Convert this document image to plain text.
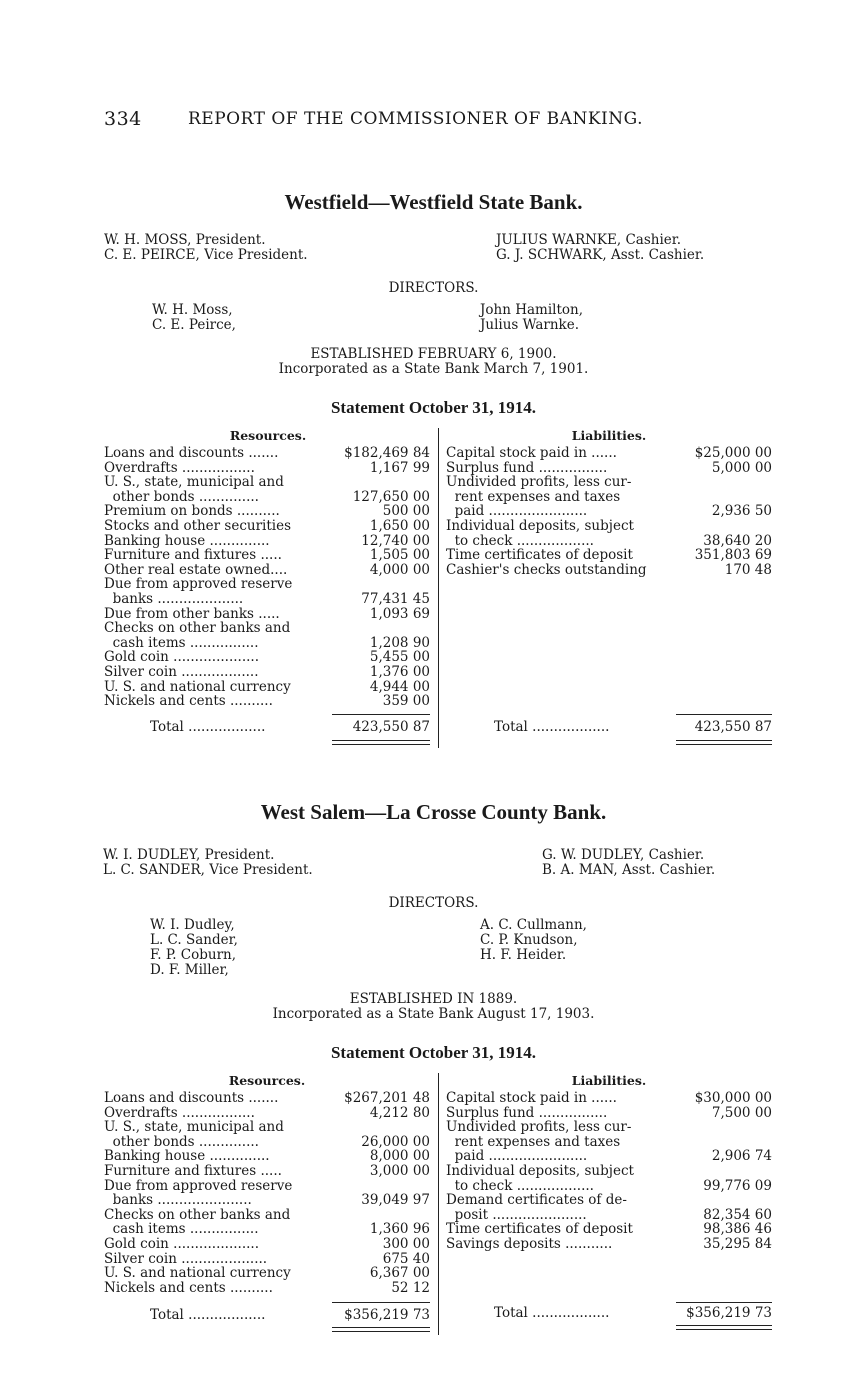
334	REPORT OF THE COMMISSIONER OF BANKING.
Westfield—Westfield State Bank.
W. H. MOSS, President.
C. E. PEIRCE, Vice President.
JULIUS WARNKE, Cashier.
G. J. SCHWARK, Asst. Cashier.
DIRECTORS.
W. H. Moss,
C. E. Peirce,
John Hamilton,
Julius Warnke.
ESTABLISHED FEBRUARY 6, 1900.
Incorporated as a State Bank March 7, 1901.
Statement October 31, 1914.
Resources.	Liabilities.
Loans and discounts .......	$182,469 84
Overdrafts .................	1,167 99
U. S., state, municipal and
other bonds ..............	127,650 00
Premium on bonds ..........	500 00
Stocks and other securities	1,650 00
Banking house ..............	12,740 00
Furniture and fixtures .....	1,505 00
Other real estate owned....	4,000 00
Due from approved reserve
banks ....................	77,431 45
Due from other banks .....	1,093 69
Checks on other banks and
cash items ................	1,208 90
Gold coin ....................	5,455 00
Silver coin ..................	1,376 00
U. S. and national currency	4,944 00
Nickels and cents ..........	359 00
Capital stock paid in ......	$25,000 00
Surplus fund ................	5,000 00
Undivided profits, less cur-
rent expenses and taxes
paid .......................	2,936 50
Individual deposits, subject
to check ..................	38,640 20
Time certificates of deposit	351,803 69
Cashier's checks outstanding	170 48
Total ..................	423,550 87	Total ..................	423,550 87
West Salem—La Crosse County Bank.
W. I. DUDLEY, President.
L. C. SANDER, Vice President.
G. W. DUDLEY, Cashier.
B. A. MAN, Asst. Cashier.
DIRECTORS.
W. I. Dudley,
L. C. Sander,
F. P. Coburn,
D. F. Miller,
A. C. Cullmann,
C. P. Knudson,
H. F. Heider.
ESTABLISHED IN 1889.
Incorporated as a State Bank August 17, 1903.
Statement October 31, 1914.
Resources.	Liabilities.
Loans and discounts .......	$267,201 48
Overdrafts .................	4,212 80
U. S., state, municipal and
other bonds ..............	26,000 00
Banking house ..............	8,000 00
Furniture and fixtures .....	3,000 00
Due from approved reserve
banks ......................	39,049 97
Checks on other banks and
cash items ................	1,360 96
Gold coin ....................	300 00
Silver coin ....................	675 40
U. S. and national currency	6,367 00
Nickels and cents ..........	52 12
Capital stock paid in ......	$30,000 00
Surplus fund ................	7,500 00
Undivided profits, less cur-
rent expenses and taxes
paid .......................	2,906 74
Individual deposits, subject
to check ..................	99,776 09
Demand certificates of de-
posit ......................	82,354 60
Time certificates of deposit	98,386 46
Savings deposits ...........	35,295 84
Total ..................	$356,219 73	Total ..................	$356,219 73
